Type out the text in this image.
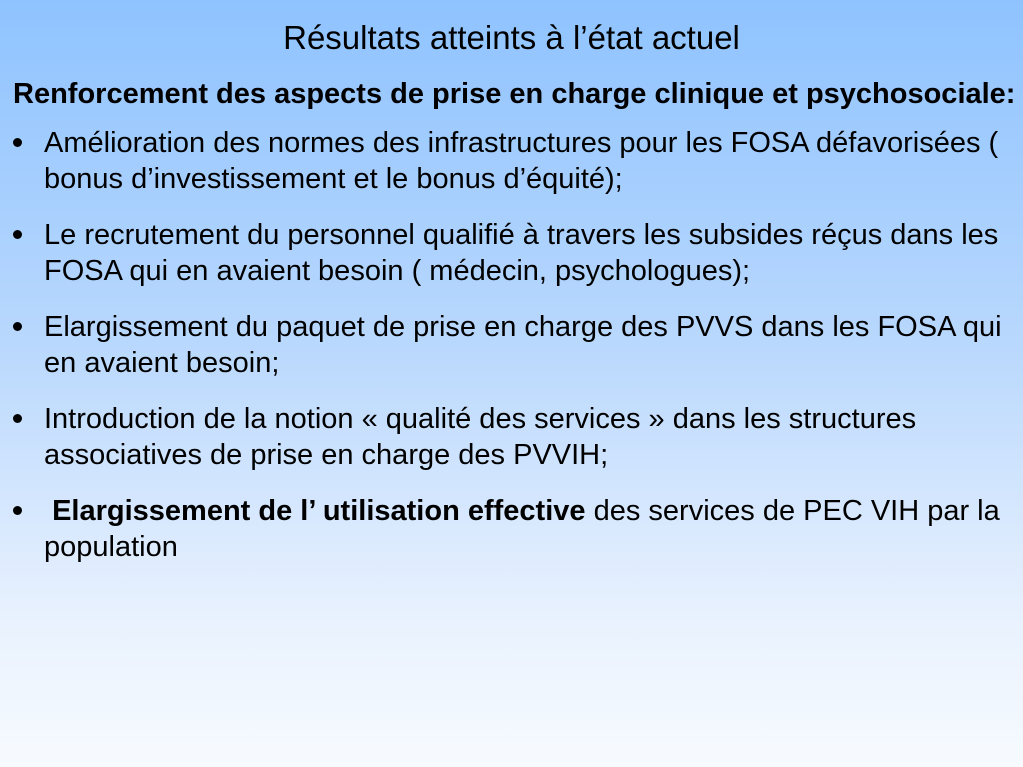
Résultats atteints à l’état actuel
Renforcement des aspects de prise en charge clinique et psychosociale:
Amélioration des normes des infrastructures pour les FOSA défavorisées ( bonus d’investissement et le bonus d’équité);
Le recrutement du personnel qualifié à travers les subsides réçus dans les FOSA qui en avaient besoin ( médecin, psychologues);
Elargissement du paquet de prise en charge des PVVS dans les FOSA qui en avaient besoin;
Introduction de la notion « qualité des services » dans les structures associatives de prise en charge des PVVIH;
Elargissement de l’ utilisation effective des services de PEC VIH par la population
